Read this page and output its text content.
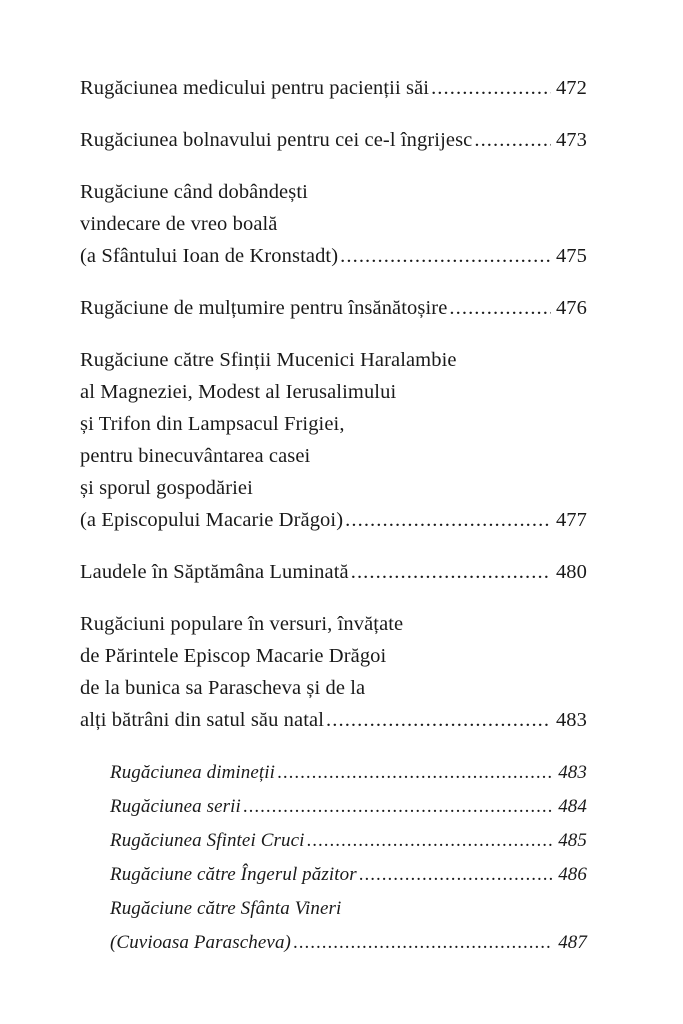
Rugăciunea medicului pentru pacienții săi .....	472
Rugăciunea bolnavului pentru cei ce-l îngrijesc .....	473
Rugăciune când dobândești
vindecare de vreo boală
(a Sfântului Ioan de Kronstadt) .....	475
Rugăciune de mulțumire pentru însănătoșire .....	476
Rugăciune către Sfinții Mucenici Haralambie
al Magneziei, Modest al Ierusalimului
și Trifon din Lampsacul Frigiei,
pentru binecuvântarea casei
și sporul gospodăriei
(a Episcopului Macarie Drăgoi) .....	477
Laudele în Săptămâna Luminată .....	480
Rugăciuni populare în versuri, învățate
de Părintele Episcop Macarie Drăgoi
de la bunica sa Parascheva și de la
alți bătrâni din satul său natal .....	483
Rugăciunea dimineții .....	483
Rugăciunea serii .....	484
Rugăciunea Sfintei Cruci .....	485
Rugăciune către Îngerul păzitor .....	486
Rugăciune către Sfânta Vineri
(Cuvioasa Parascheva) .....	487
